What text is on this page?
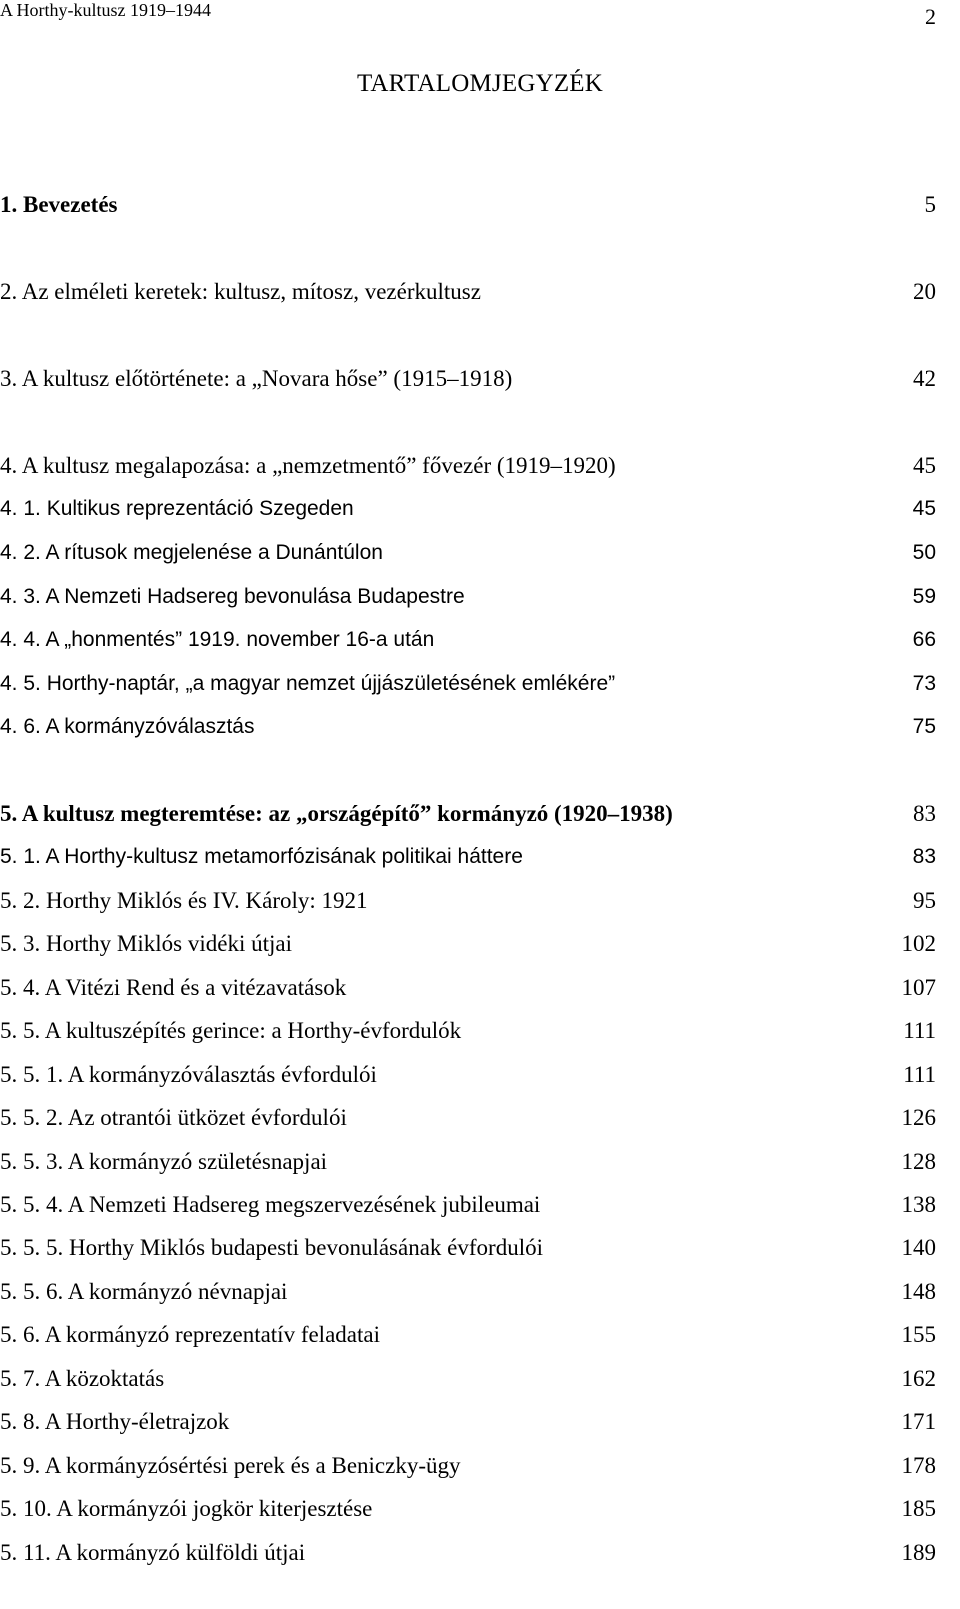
A Horthy-kultusz 1919–1944	2
TARTALOMJEGYZÉK
1. Bevezetés	5
2. Az elméleti keretek: kultusz, mítosz, vezérkultusz	20
3. A kultusz előtörténete: a „Novara hőse” (1915–1918)	42
4. A kultusz megalapozása: a „nemzetmentő” fővezér (1919–1920)	45
4. 1. Kultikus reprezentáció Szegeden	45
4. 2. A rítusok megjelenése a Dunántúlon	50
4. 3. A Nemzeti Hadsereg bevonulása Budapestre	59
4. 4. A „honmentés” 1919. november 16-a után	66
4. 5. Horthy-naptár, „a magyar nemzet újjászületésének emlékére”	73
4. 6. A kormányzóválasztás	75
5. A kultusz megteremtése: az „országépítő” kormányzó (1920–1938)	83
5. 1. A Horthy-kultusz metamorfózisának politikai háttere	83
5. 2. Horthy Miklós és IV. Károly: 1921	95
5. 3. Horthy Miklós vidéki útjai	102
5. 4. A Vitézi Rend és a vitézavatások	107
5. 5. A kultuszépítés gerince: a Horthy-évfordulók	111
5. 5. 1. A kormányzóválasztás évfordulói	111
5. 5. 2. Az otrantói ütközet évfordulói	126
5. 5. 3. A kormányzó születésnapjai	128
5. 5. 4. A Nemzeti Hadsereg megszervezésének jubileumai	138
5. 5. 5. Horthy Miklós budapesti bevonulásának évfordulói	140
5. 5. 6. A kormányzó névnapjai	148
5. 6. A kormányzó reprezentatív feladatai	155
5. 7. A közoktatás	162
5. 8. A Horthy-életrajzok	171
5. 9. A kormányzósértési perek és a Beniczky-ügy	178
5. 10. A kormányzói jogkör kiterjesztése	185
5. 11. A kormányzó külföldi útjai	189
